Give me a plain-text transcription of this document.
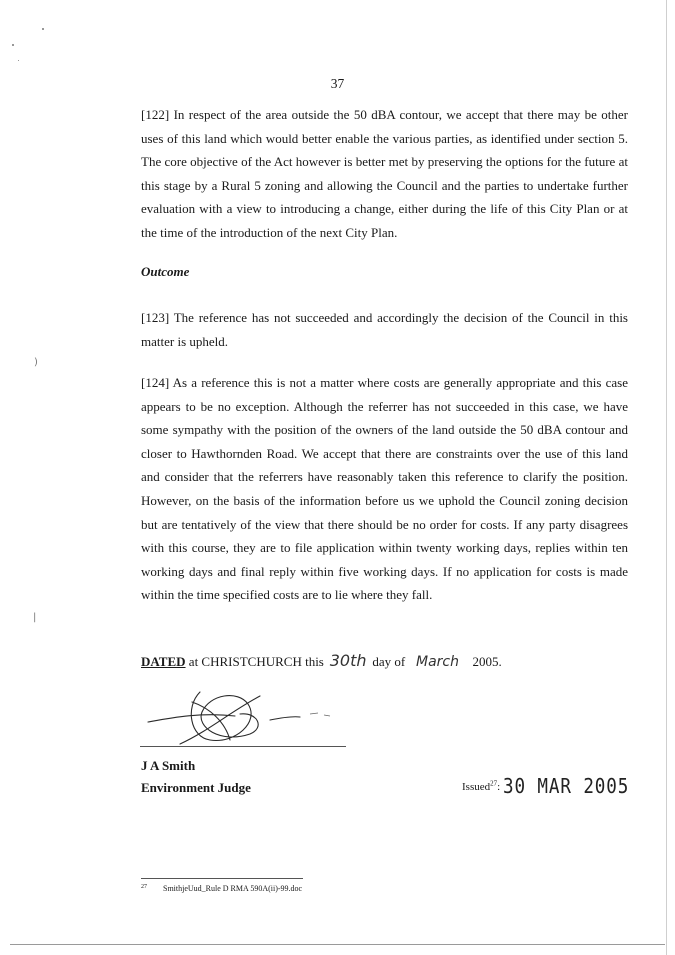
)
|
37

[122] In respect of the area outside the 50 dBA contour, we accept that there may be other uses of this land which would better enable the various parties, as identified under section 5. The core objective of the Act however is better met by preserving the options for the future at this stage by a Rural 5 zoning and allowing the Council and the parties to undertake further evaluation with a view to introducing a change, either during the life of this City Plan or at the time of the introduction of the next City Plan.

Outcome

[123] The reference has not succeeded and accordingly the decision of the Council in this matter is upheld.

[124] As a reference this is not a matter where costs are generally appropriate and this case appears to be no exception. Although the referrer has not succeeded in this case, we have some sympathy with the position of the owners of the land outside the 50 dBA contour and closer to Hawthornden Road. We accept that there are constraints over the use of this land and consider that the referrers have reasonably taken this reference to clarify the position. However, on the basis of the information before us we uphold the Council zoning decision but are tentatively of the view that there should be no order for costs. If any party disagrees with this course, they are to file application within twenty working days, replies within ten working days and final reply within five working days. If no application for costs is made within the time specified costs are to lie where they fall.

DATED at CHRISTCHURCH this 30th day of March 2005.
J A Smith
Environment Judge	Issued$^{27}$: 30 MAR 2005
$^{27}$ SmithjeUud_Rule D RMA 590A(ii)-99.doc
